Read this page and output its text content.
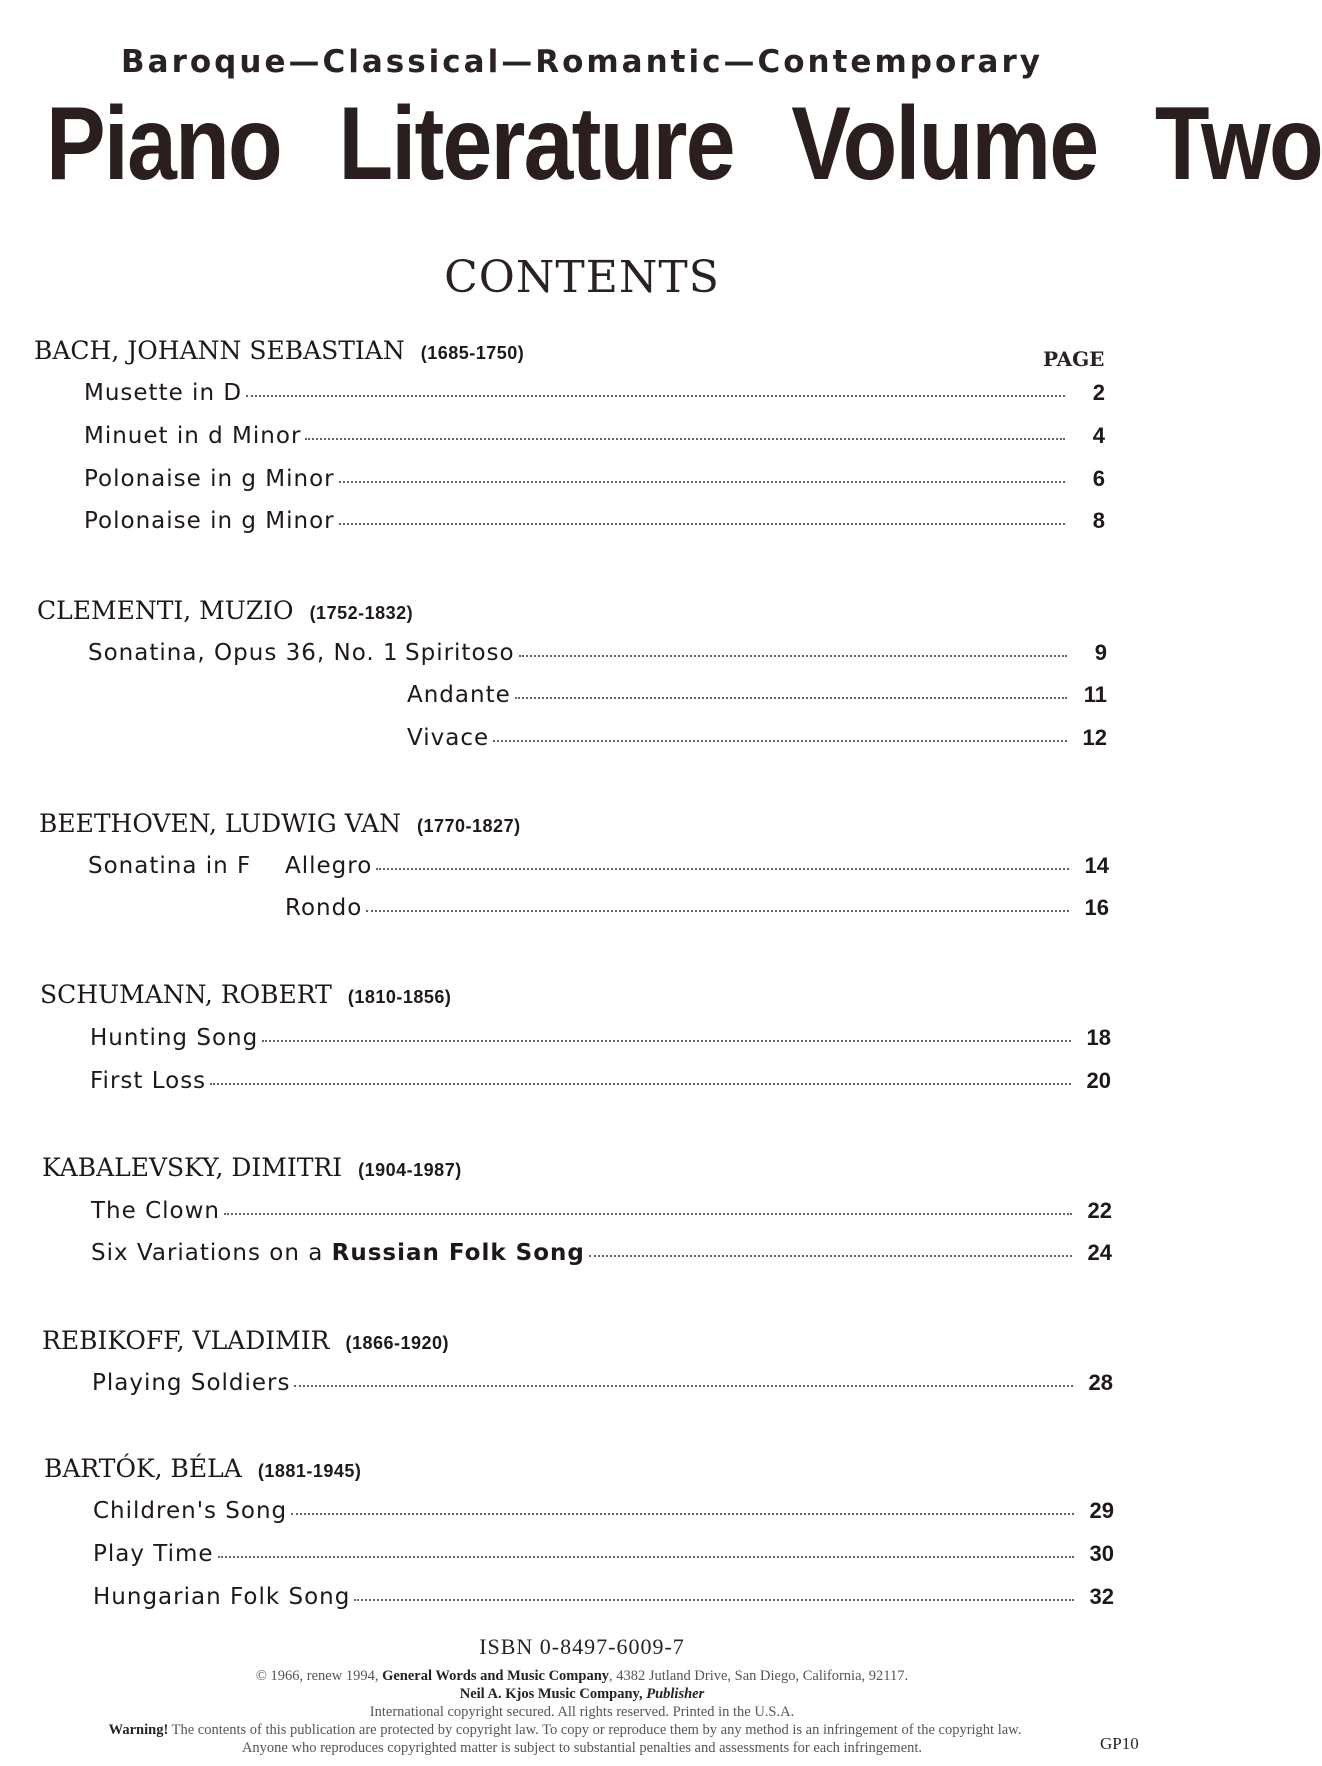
Baroque—Classical—Romantic—Contemporary
Piano Literature Volume Two
CONTENTS
PAGE
BACH, JOHANN SEBASTIAN (1685-1750)
Musette in D	2
Minuet in d Minor	4
Polonaise in g Minor	6
Polonaise in g Minor	8
CLEMENTI, MUZIO (1752-1832)
Sonatina, Opus 36, No. 1 Spiritoso	9
Andante	11
Vivace	12
BEETHOVEN, LUDWIG VAN (1770-1827)
Sonatina in F Allegro	14
Rondo	16
SCHUMANN, ROBERT (1810-1856)
Hunting Song	18
First Loss	20
KABALEVSKY, DIMITRI (1904-1987)
The Clown	22
Six Variations on a Russian Folk Song	24
REBIKOFF, VLADIMIR (1866-1920)
Playing Soldiers	28
BARTÓK, BÉLA (1881-1945)
Children's Song	29
Play Time	30
Hungarian Folk Song	32
ISBN 0-8497-6009-7
© 1966, renew 1994, General Words and Music Company, 4382 Jutland Drive, San Diego, California, 92117.
Neil A. Kjos Music Company, Publisher
International copyright secured. All rights reserved. Printed in the U.S.A.
Warning! The contents of this publication are protected by copyright law. To copy or reproduce them by any method is an infringement of the copyright law.
Anyone who reproduces copyrighted matter is subject to substantial penalties and assessments for each infringement.	GP10
